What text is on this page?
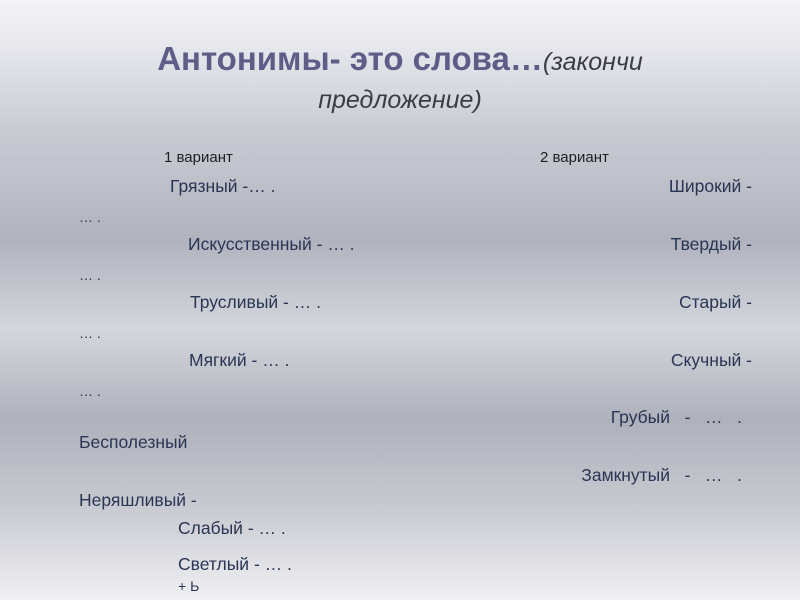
Антонимы- это слова…(закончи
предложение)
1 вариант	2 вариант
Грязный -… .
Искусственный - … .
Трусливый - … .
Мягкий - … .
Бесполезный
Неряшливый -
Слабый - … .
Светлый - … .
+ Ь
Широкий -
Твердый -
Старый -
Скучный -
Грубый   -   …   .
Замкнутый   -   …   .
… .
… .
… .
… .
